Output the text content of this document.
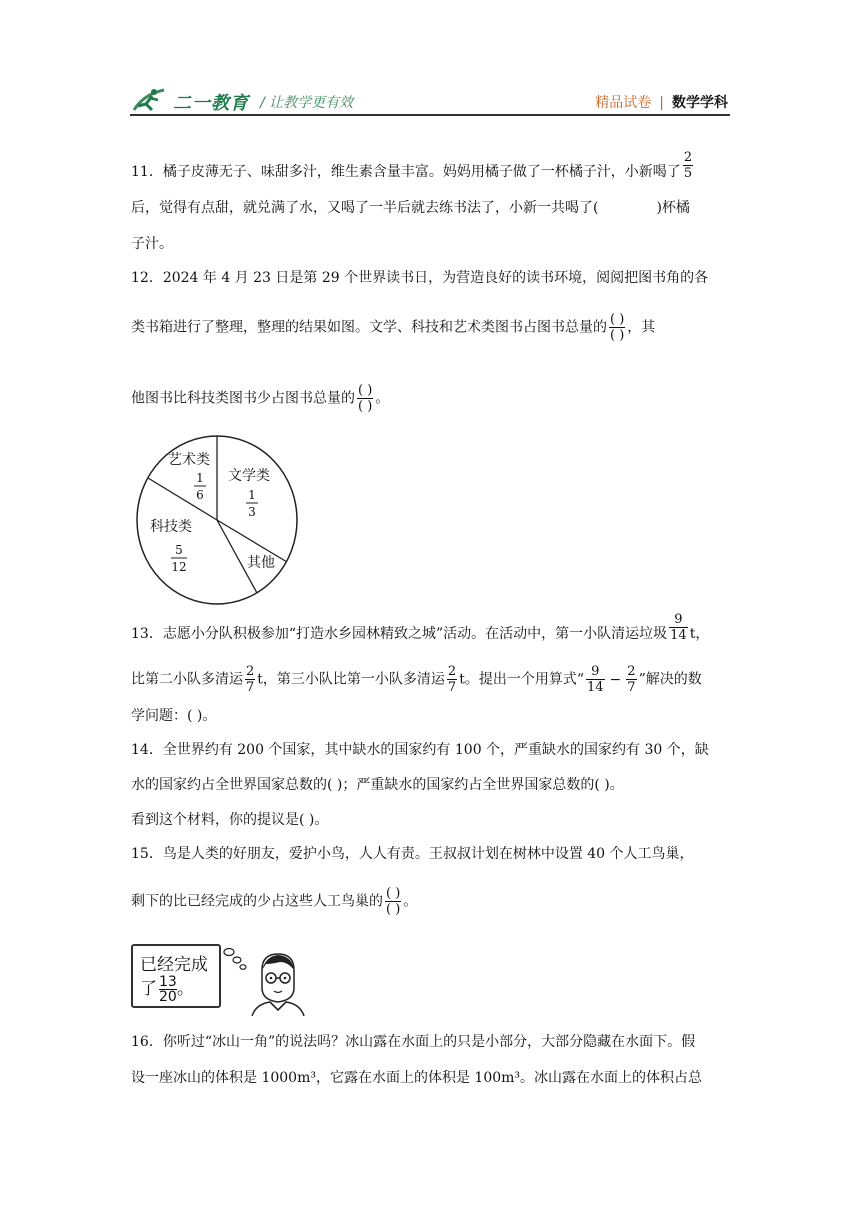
二一教育 / 让教学更有效	精品试卷 | 数学学科
11．橘子皮薄无子、味甜多汁，维生素含量丰富。妈妈用橘子做了一杯橘子汁，小新喝了 $\frac{2}{5}$
后，觉得有点甜，就兑满了水，又喝了一半后就去练书法了，小新一共喝了(	)杯橘
子汁。
12．2024 年 4 月 23 日是第 29 个世界读书日，为营造良好的读书环境，阅阅把图书角的各
类书箱进行了整理，整理的结果如图。文学、科技和艺术类图书占图书总量的 ( )
( ) ，其
他图书比科技类图书少占图书总量的 ( )
( ) 。
艺术类
1
6
文学类
1
3
科技类
5
12	其他
13．志愿小分队积极参加“打造水乡园林精致之城”活动。在活动中，第一小队清运垃圾 $\frac{9}{14}$ t，
比第二小队多清运 $\frac{2}{7}$ t，第三小队比第一小队多清运 $\frac{2}{7}$ t。提出一个用算式“ $\frac{9}{14} - \frac{2}{7}$ ”解决的数
学问题：( )。
14．全世界约有 200 个国家，其中缺水的国家约有 100 个，严重缺水的国家约有 30 个，缺
水的国家约占全世界国家总数的( )；严重缺水的国家约占全世界国家总数的( )。
看到这个材料，你的提议是( )。
15．鸟是人类的好朋友，爱护小鸟，人人有责。王叔叔计划在树林中设置 40 个人工鸟巢，
剩下的比已经完成的少占这些人工鸟巢的 ( )
( ) 。
已经完成
了 $\frac{13}{20}$ 。
16．你听过“冰山一角”的说法吗？冰山露在水面上的只是小部分，大部分隐藏在水面下。假
设一座冰山的体积是 1000m³，它露在水面上的体积是 100m³。冰山露在水面上的体积占总
